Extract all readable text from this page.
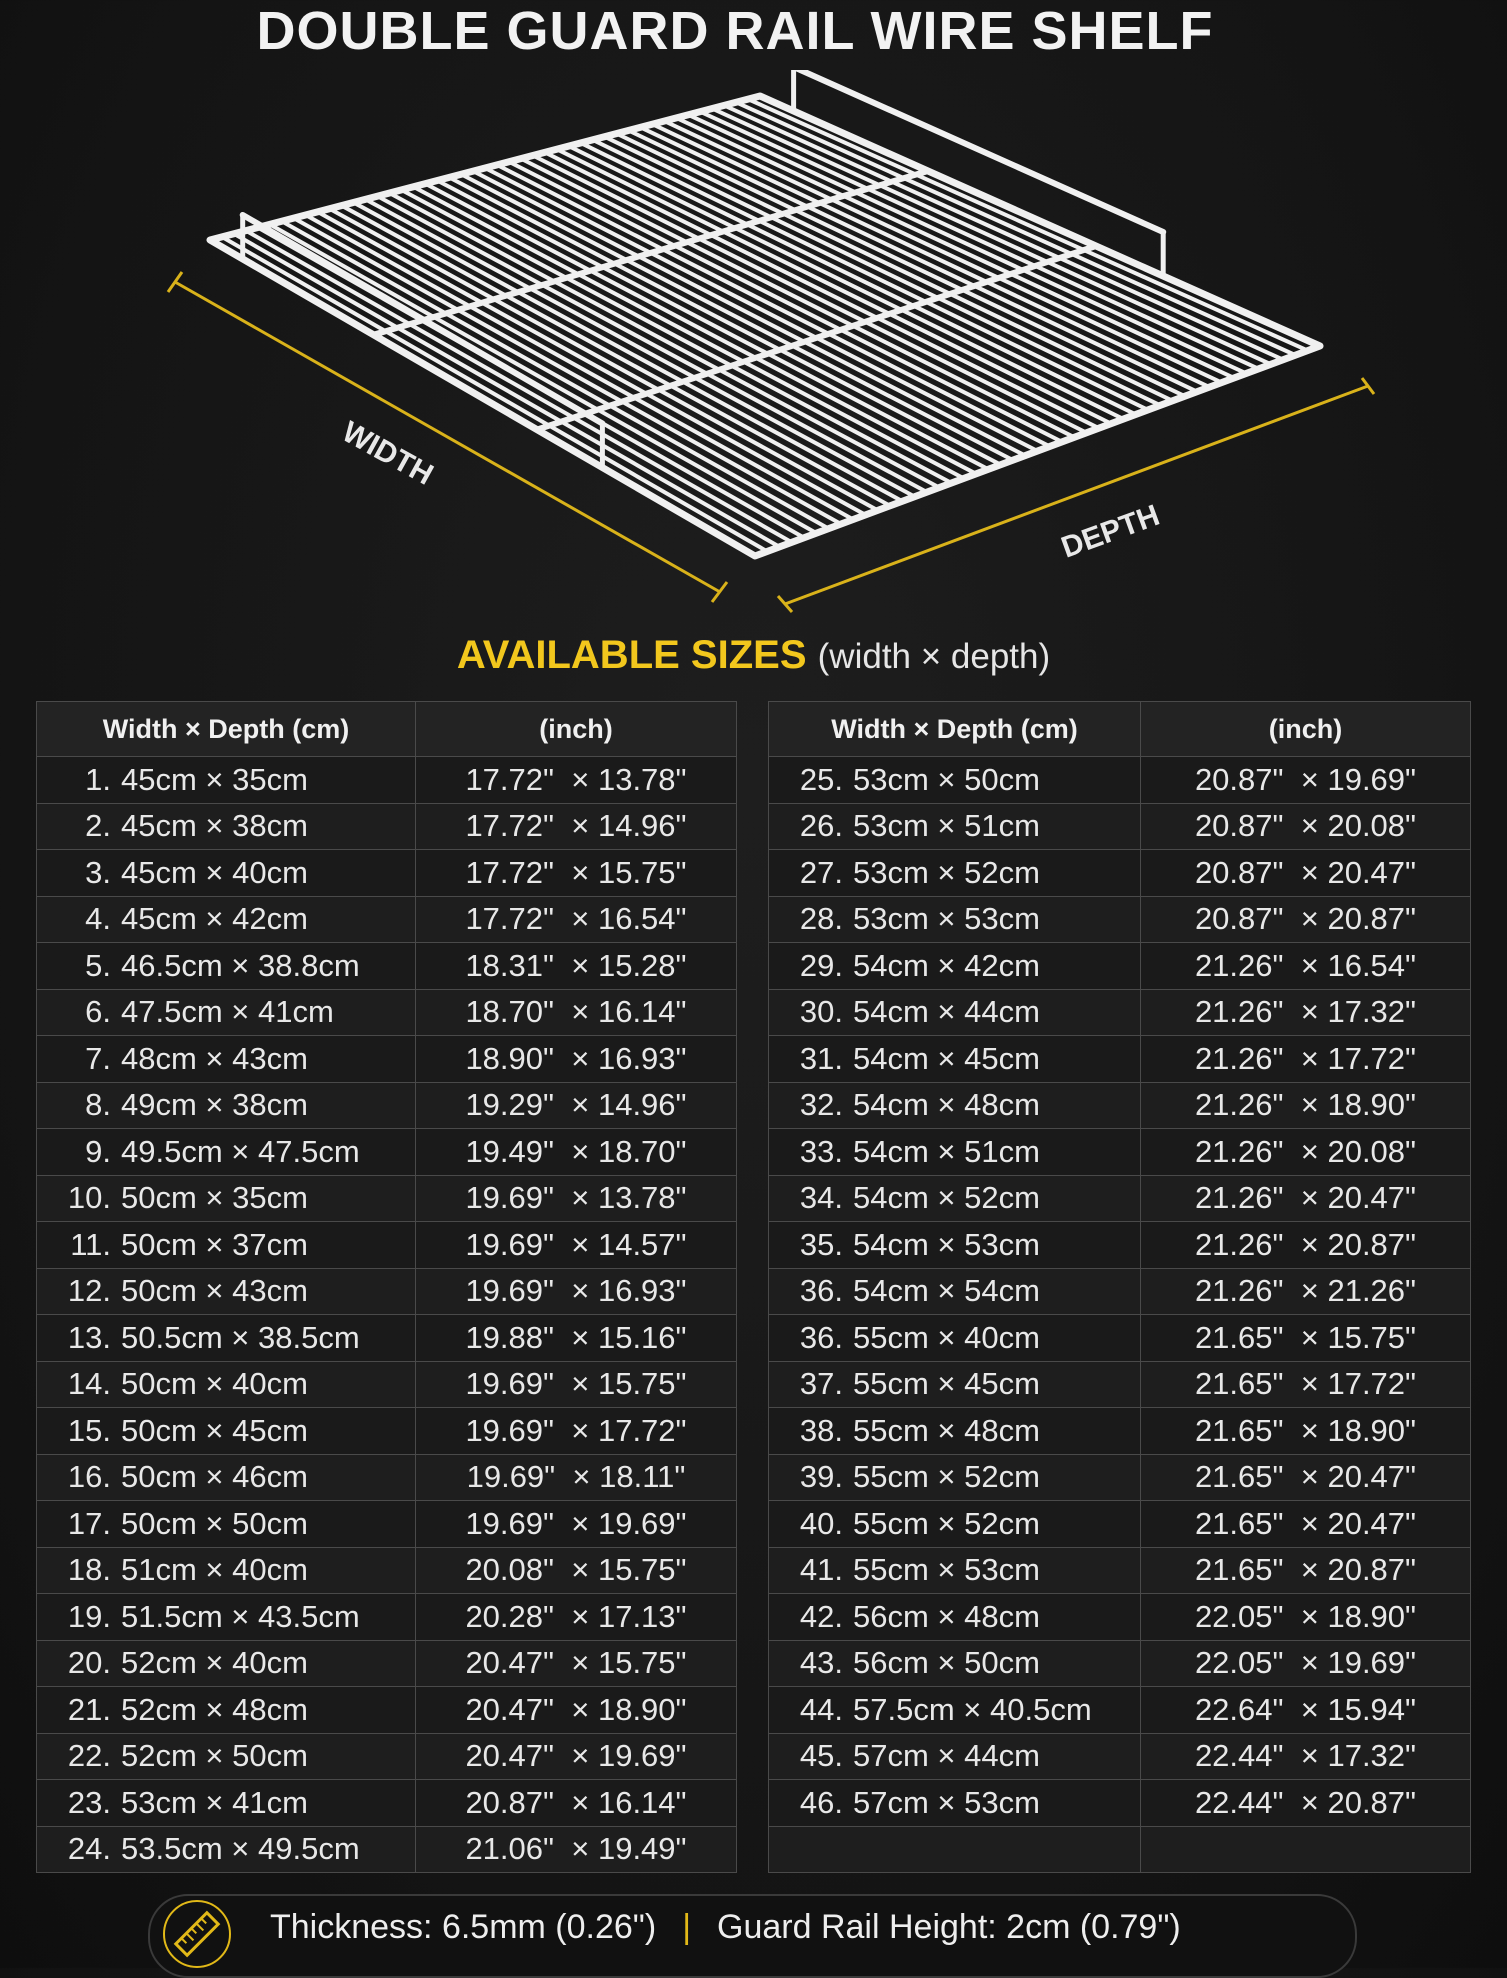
DOUBLE GUARD RAIL WIRE SHELF
WIDTH
DEPTH
AVAILABLE SIZES (width × depth)
Width × Depth (cm)	(inch)
1. 45cm × 35cm	17.72"  × 13.78"
2. 45cm × 38cm	17.72"  × 14.96"
3. 45cm × 40cm	17.72"  × 15.75"
4. 45cm × 42cm	17.72"  × 16.54"
5. 46.5cm × 38.8cm	18.31"  × 15.28"
6. 47.5cm × 41cm	18.70"  × 16.14"
7. 48cm × 43cm	18.90"  × 16.93"
8. 49cm × 38cm	19.29"  × 14.96"
9. 49.5cm × 47.5cm	19.49"  × 18.70"
10. 50cm × 35cm	19.69"  × 13.78"
11. 50cm × 37cm	19.69"  × 14.57"
12. 50cm × 43cm	19.69"  × 16.93"
13. 50.5cm × 38.5cm	19.88"  × 15.16"
14. 50cm × 40cm	19.69"  × 15.75"
15. 50cm × 45cm	19.69"  × 17.72"
16. 50cm × 46cm	19.69"  × 18.11"
17. 50cm × 50cm	19.69"  × 19.69"
18. 51cm × 40cm	20.08"  × 15.75"
19. 51.5cm × 43.5cm	20.28"  × 17.13"
20. 52cm × 40cm	20.47"  × 15.75"
21. 52cm × 48cm	20.47"  × 18.90"
22. 52cm × 50cm	20.47"  × 19.69"
23. 53cm × 41cm	20.87"  × 16.14"
24. 53.5cm × 49.5cm	21.06"  × 19.49"
Width × Depth (cm)	(inch)
25. 53cm × 50cm	20.87"  × 19.69"
26. 53cm × 51cm	20.87"  × 20.08"
27. 53cm × 52cm	20.87"  × 20.47"
28. 53cm × 53cm	20.87"  × 20.87"
29. 54cm × 42cm	21.26"  × 16.54"
30. 54cm × 44cm	21.26"  × 17.32"
31. 54cm × 45cm	21.26"  × 17.72"
32. 54cm × 48cm	21.26"  × 18.90"
33. 54cm × 51cm	21.26"  × 20.08"
34. 54cm × 52cm	21.26"  × 20.47"
35. 54cm × 53cm	21.26"  × 20.87"
36. 54cm × 54cm	21.26"  × 21.26"
36. 55cm × 40cm	21.65"  × 15.75"
37. 55cm × 45cm	21.65"  × 17.72"
38. 55cm × 48cm	21.65"  × 18.90"
39. 55cm × 52cm	21.65"  × 20.47"
40. 55cm × 52cm	21.65"  × 20.47"
41. 55cm × 53cm	21.65"  × 20.87"
42. 56cm × 48cm	22.05"  × 18.90"
43. 56cm × 50cm	22.05"  × 19.69"
44. 57.5cm × 40.5cm	22.64"  × 15.94"
45. 57cm × 44cm	22.44"  × 17.32"
46. 57cm × 53cm	22.44"  × 20.87"

Thickness: 6.5mm (0.26") | Guard Rail Height: 2cm (0.79")
